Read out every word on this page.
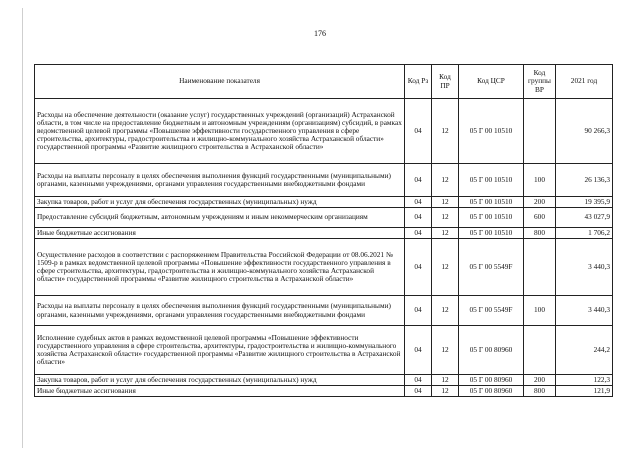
176
Наименование показателя	Код Рз	Код ПР	Код ЦСР	Код группы ВР	2021 год
Расходы на обеспечение деятельности (оказание услуг) государственных учреждений (организаций) Астраханской области, в том числе на предоставление бюджетным и автономным учреждениям (организациям) субсидий, в рамках ведомственной целевой программы «Повышение эффективности государственного управления в сфере строительства, архитектуры, градостроительства и жилищно-коммунального хозяйства Астраханской области» государственной программы «Развитие жилищного строительства в Астраханской области»	04	12	05 Г 00 10510		90 266,3
Расходы на выплаты персоналу в целях обеспечения выполнения функций государственными (муниципальными) органами, казенными учреждениями, органами управления государственными внебюджетными фондами	04	12	05 Г 00 10510	100	26 136,3
Закупка товаров, работ и услуг для обеспечения государственных (муниципальных) нужд	04	12	05 Г 00 10510	200	19 395,9
Предоставление субсидий бюджетным, автономным учреждениям и иным некоммерческим организациям	04	12	05 Г 00 10510	600	43 027,9
Иные бюджетные ассигнования	04	12	05 Г 00 10510	800	1 706,2
Осуществление расходов в соответствии с распоряжением Правительства Российской Федерации от 08.06.2021 № 1509-р в рамках ведомственной целевой программы «Повышение эффективности государственного управления в сфере строительства, архитектуры, градостроительства и жилищно-коммунального хозяйства Астраханской области» государственной программы «Развитие жилищного строительства в Астраханской области»	04	12	05 Г 00 5549F		3 440,3
Расходы на выплаты персоналу в целях обеспечения выполнения функций государственными (муниципальными) органами, казенными учреждениями, органами управления государственными внебюджетными фондами	04	12	05 Г 00 5549F	100	3 440,3
Исполнение судебных актов в рамках ведомственной целевой программы «Повышение эффективности государственного управления в сфере строительства, архитектуры, градостроительства и жилищно-коммунального хозяйства Астраханской области» государственной программы «Развитие жилищного строительства в Астраханской области»	04	12	05 Г 00 80960		244,2
Закупка товаров, работ и услуг для обеспечения государственных (муниципальных) нужд	04	12	05 Г 00 80960	200	122,3
Иные бюджетные ассигнования	04	12	05 Г 00 80960	800	121,9
